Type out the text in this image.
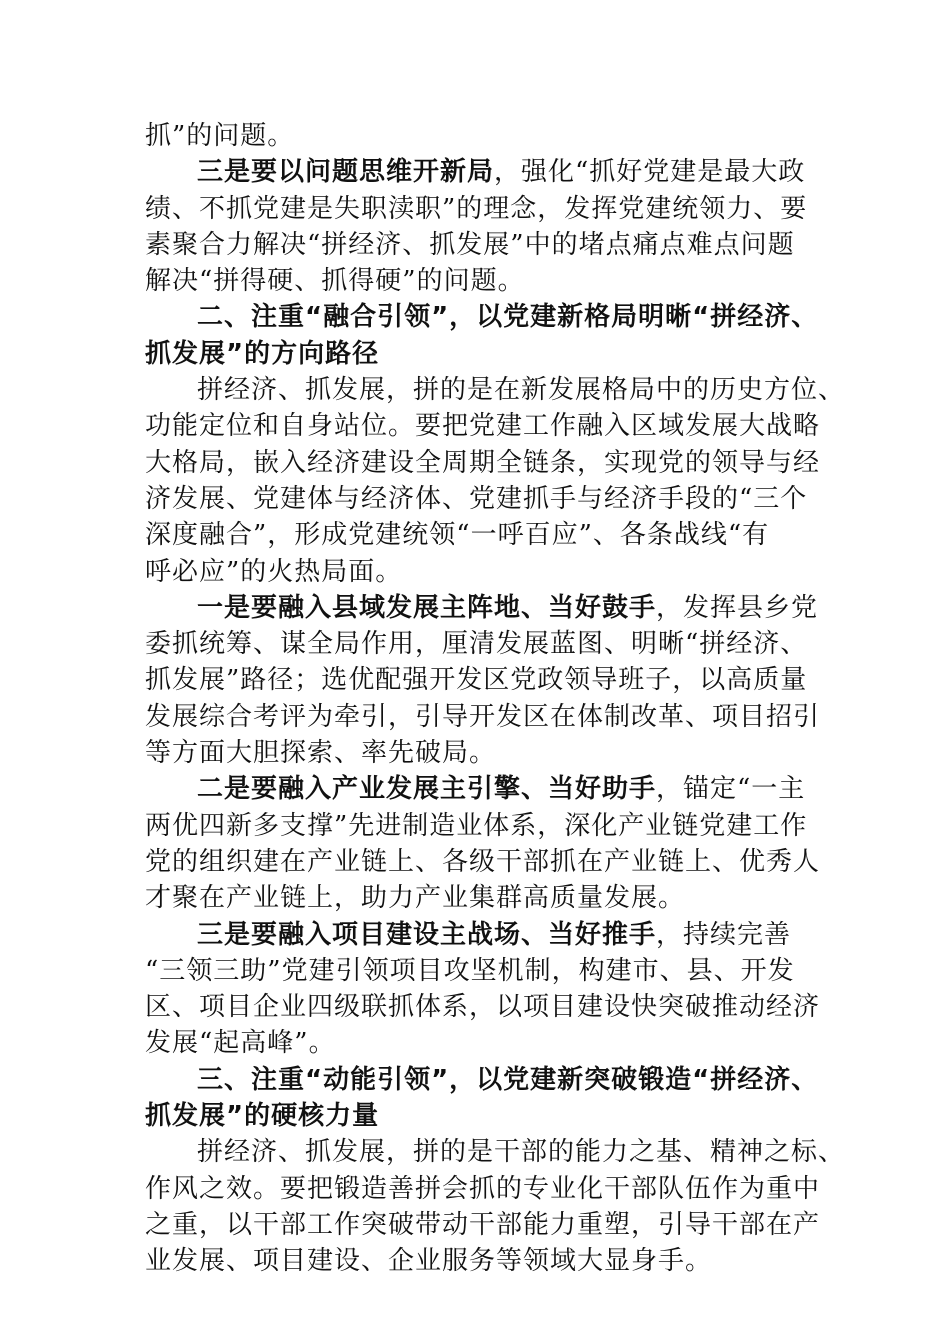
抓”的问题。
三是要以问题思维开新局，强化“抓好党建是最大政
绩、不抓党建是失职渎职”的理念，发挥党建统领力、要
素聚合力解决“拼经济、抓发展”中的堵点痛点难点问题
解决“拼得硬、抓得硬”的问题。
二、注重“融合引领”，以党建新格局明晰“拼经济、
抓发展”的方向路径
拼经济、抓发展，拼的是在新发展格局中的历史方位、
功能定位和自身站位。要把党建工作融入区域发展大战略
大格局，嵌入经济建设全周期全链条，实现党的领导与经
济发展、党建体与经济体、党建抓手与经济手段的“三个
深度融合”，形成党建统领“一呼百应”、各条战线“有
呼必应”的火热局面。
一是要融入县域发展主阵地、当好鼓手，发挥县乡党
委抓统筹、谋全局作用，厘清发展蓝图、明晰“拼经济、
抓发展”路径；选优配强开发区党政领导班子，以高质量
发展综合考评为牵引，引导开发区在体制改革、项目招引
等方面大胆探索、率先破局。
二是要融入产业发展主引擎、当好助手，锚定“一主
两优四新多支撑”先进制造业体系，深化产业链党建工作
党的组织建在产业链上、各级干部抓在产业链上、优秀人
才聚在产业链上，助力产业集群高质量发展。
三是要融入项目建设主战场、当好推手，持续完善
“三领三助”党建引领项目攻坚机制，构建市、县、开发
区、项目企业四级联抓体系，以项目建设快突破推动经济
发展“起高峰”。
三、注重“动能引领”，以党建新突破锻造“拼经济、
抓发展”的硬核力量
拼经济、抓发展，拼的是干部的能力之基、精神之标、
作风之效。要把锻造善拼会抓的专业化干部队伍作为重中
之重，以干部工作突破带动干部能力重塑，引导干部在产
业发展、项目建设、企业服务等领域大显身手。
